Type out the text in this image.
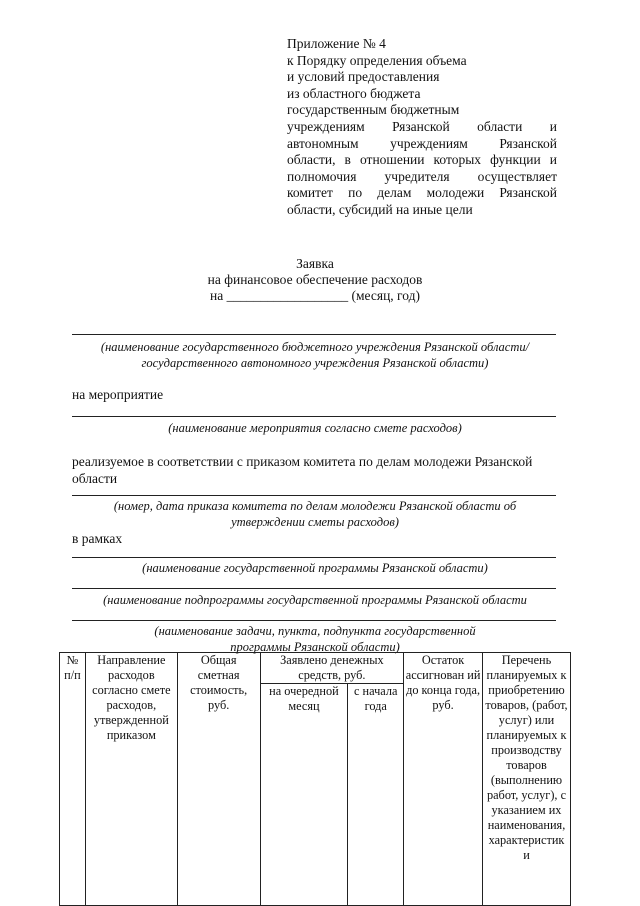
Приложение № 4
к Порядку определения объема
и условий предоставления
из областного бюджета
государственным бюджетным
учреждениям Рязанской области и
автономным учреждениям Рязанской
области, в отношении которых функции и
полномочия учредителя осуществляет
комитет по делам молодежи Рязанской
области, субсидий на иные цели
Заявка
на финансовое обеспечение расходов
на __________________ (месяц, год)
(наименование государственного бюджетного учреждения Рязанской области/
государственного автономного учреждения Рязанской области)
на мероприятие
(наименование мероприятия согласно смете расходов)
реализуемое в соответствии с приказом комитета по делам молодежи Рязанской
области
(номер, дата приказа комитета по делам молодежи Рязанской области об
утверждении сметы расходов)
в рамках
(наименование государственной программы Рязанской области)
(наименование подпрограммы государственной программы Рязанской области
(наименование задачи, пункта, подпункта государственной
программы Рязанской области)
№ п/п	Направление расходов согласно смете расходов, утвержденной приказом	Общая сметная стоимость, руб.	Заявлено денежных средств, руб.		Остаток ассигнован ий до конца года, руб.	Перечень планируемых к приобретению товаров, (работ, услуг) или планируемых к производству товаров (выполнению работ, услуг), с указанием их наименования, характеристик и
			на очередной месяц	с начала года		
